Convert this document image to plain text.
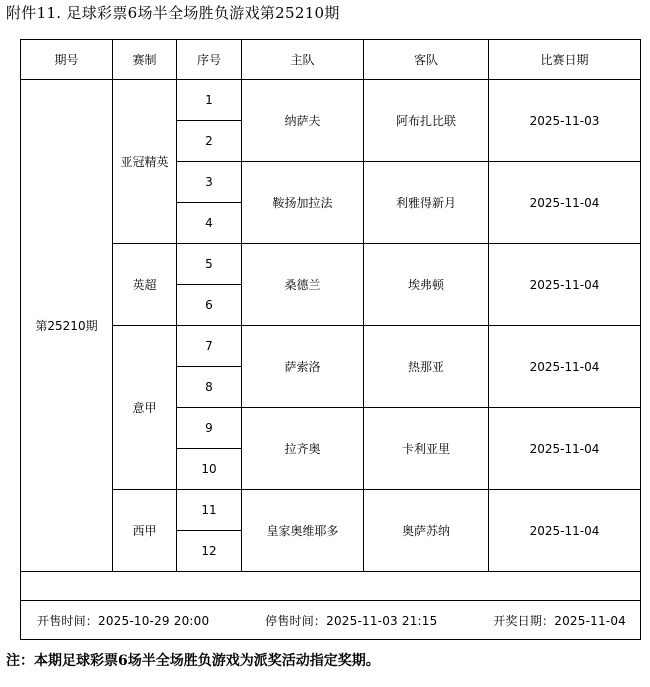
附件11. 足球彩票6场半全场胜负游戏第25210期
期号	赛制	序号	主队	客队	比赛日期
第25210期	亚冠精英	1	纳萨夫	阿布扎比联	2025-11-03
		2			
		3	鞍扬加拉法	利雅得新月	2025-11-04
		4			
	英超	5	桑德兰	埃弗顿	2025-11-04
		6			
	意甲	7	萨索洛	热那亚	2025-11-04
		8			
		9	拉齐奥	卡利亚里	2025-11-04
		10			
	西甲	11	皇家奥维耶多	奥萨苏纳	2025-11-04
		12			

开售时间：2025-10-29 20:00 停售时间：2025-11-03 21:15 开奖日期：2025-11-04					
注：本期足球彩票6场半全场胜负游戏为派奖活动指定奖期。
